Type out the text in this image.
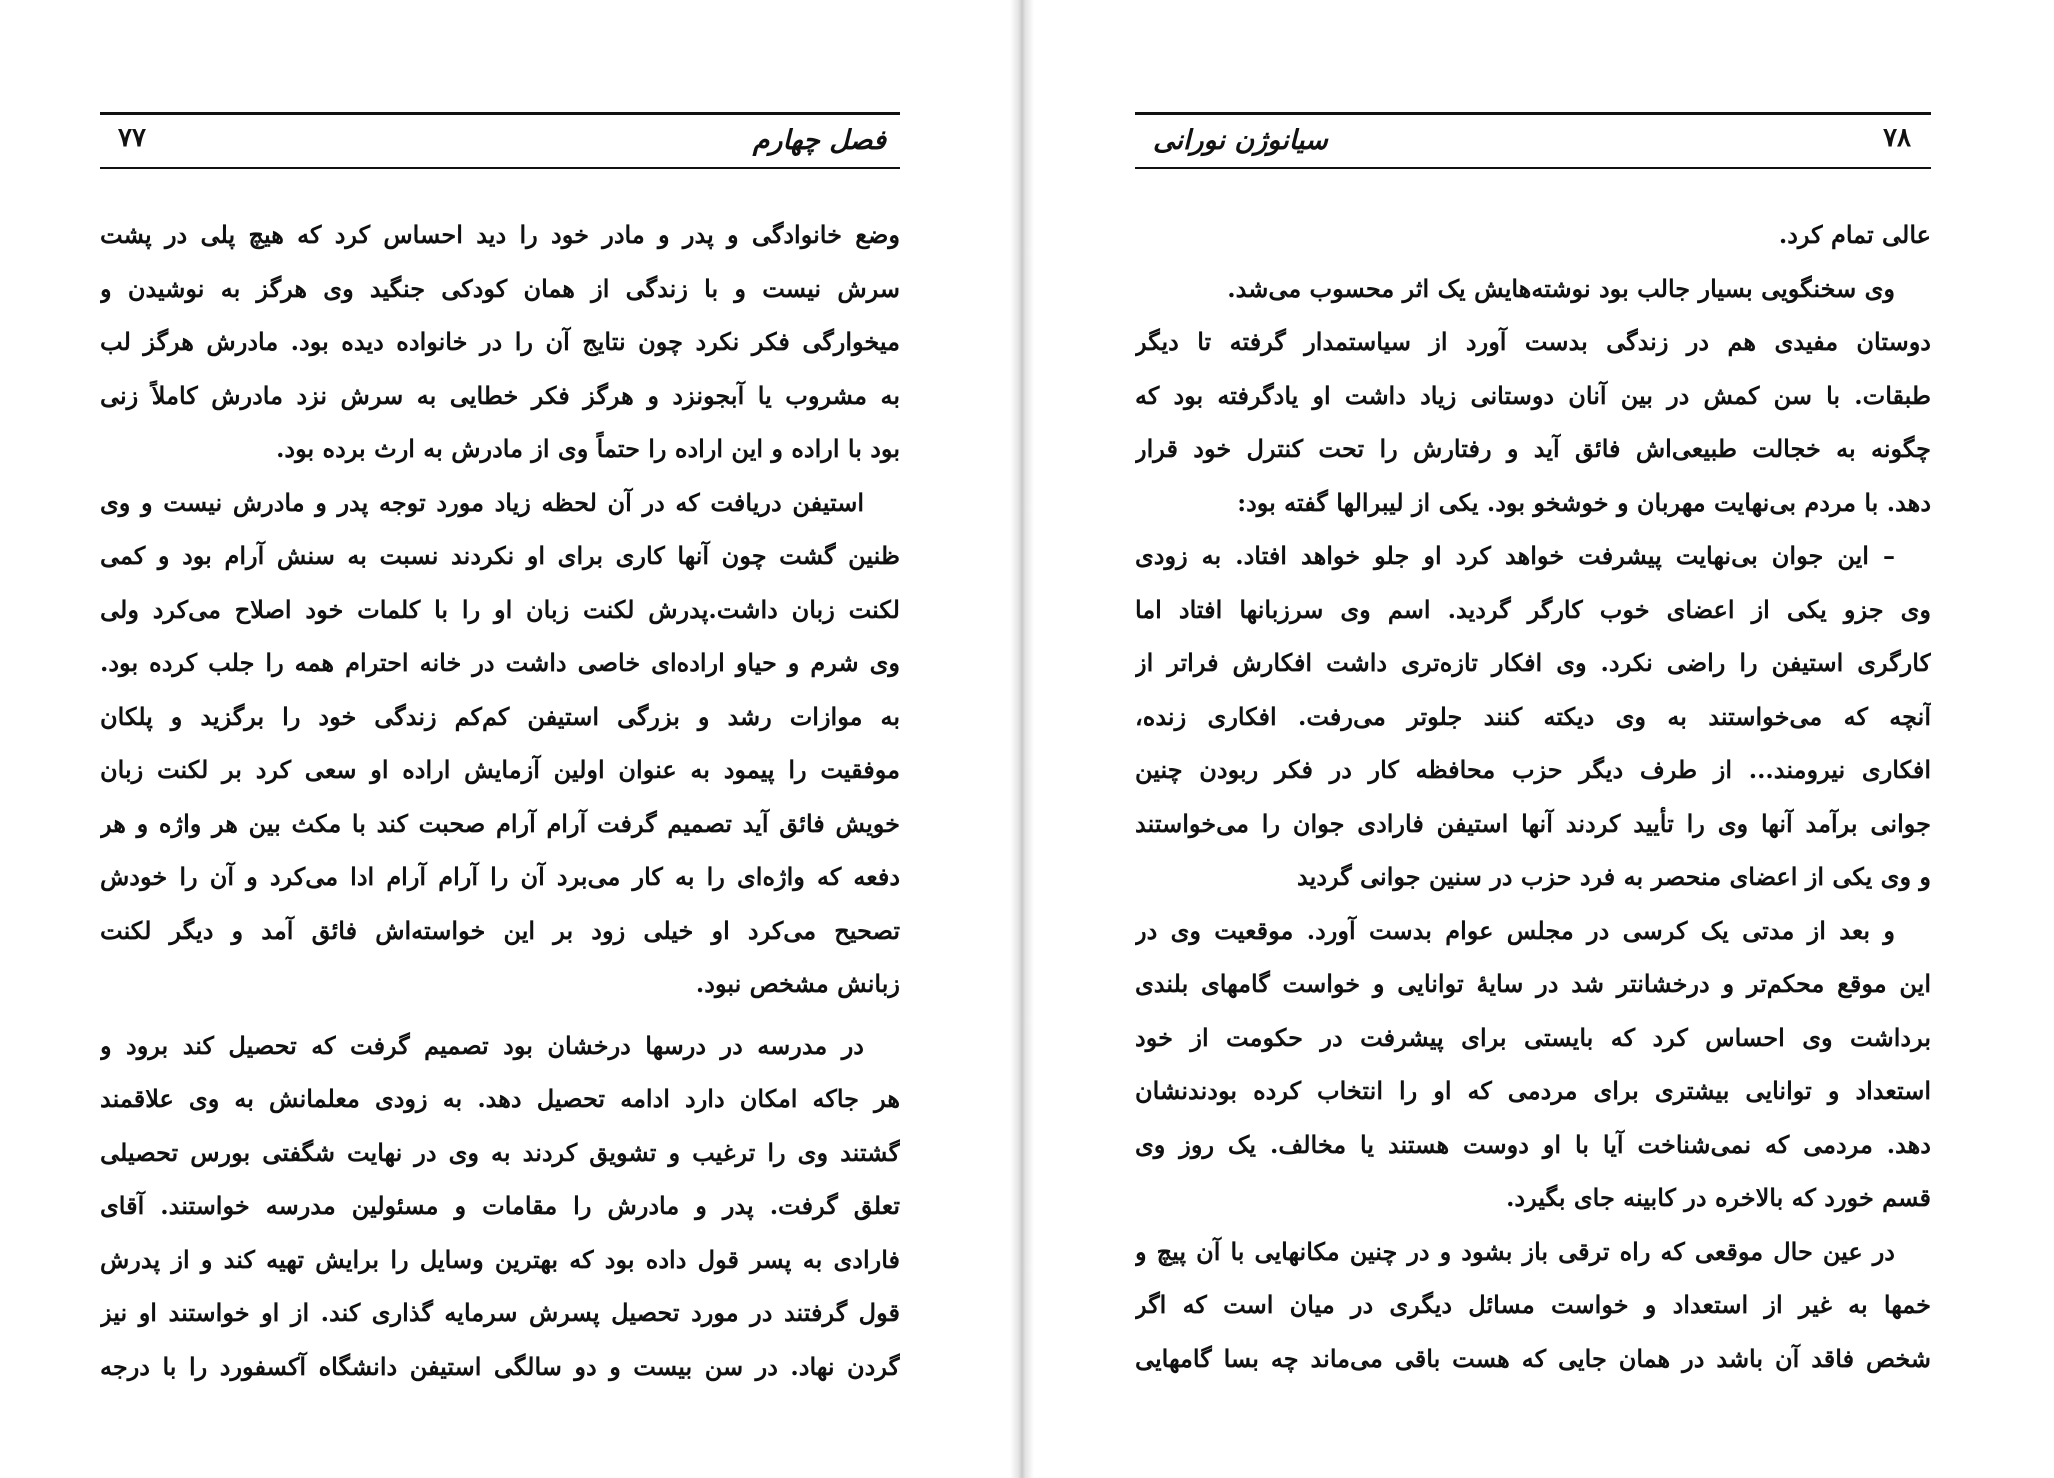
۷۷	فصل چهارم
وضع خانوادگی و پدر و مادر خود را دید احساس کرد که هیچ پلی در پشت
سرش نیست و با زندگی از همان کودکی جنگید وی هرگز به نوشیدن و
میخوارگی فکر نکرد چون نتایج آن را در خانواده دیده بود. مادرش هرگز لب
به مشروب یا آبجونزد و هرگز فکر خطایی به سرش نزد مادرش کاملاً زنی
بود با اراده و این اراده را حتماً وی از مادرش به ارث برده بود.
استیفن دریافت که در آن لحظه زیاد مورد توجه پدر و مادرش نیست و وی
ظنین گشت چون آنها کاری برای او نکردند نسبت به سنش آرام بود و کمی
لکنت زبان داشت.پدرش لکنت زبان او را با کلمات خود اصلاح می‌کرد ولی
وی شرم و حیاو اراده‌ای خاصی داشت در خانه احترام همه را جلب کرده بود.
به موازات رشد و بزرگی استیفن کم‌کم زندگی خود را برگزید و پلکان
موفقیت را پیمود به عنوان اولین آزمایش اراده او سعی کرد بر لکنت زبان
خویش فائق آید تصمیم گرفت آرام آرام صحبت کند با مکث بین هر واژه و هر
دفعه که واژه‌ای را به کار می‌برد آن را آرام آرام ادا می‌کرد و آن را خودش
تصحیح می‌کرد او خیلی زود بر این خواسته‌اش فائق آمد و دیگر لکنت
زبانش مشخص نبود.
در مدرسه در درسها درخشان بود تصمیم گرفت که تحصیل کند برود و
هر جاکه امکان دارد ادامه تحصیل دهد. به زودی معلمانش به وی علاقمند
گشتند وی را ترغیب و تشویق کردند به وی در نهایت شگفتی بورس تحصیلی
تعلق گرفت. پدر و مادرش را مقامات و مسئولین مدرسه خواستند. آقای
فارادی به پسر قول داده بود که بهترین وسایل را برایش تهیه کند و از پدرش
قول گرفتند در مورد تحصیل پسرش سرمایه گذاری کند. از او خواستند او نیز
گردن نهاد. در سن بیست و دو سالگی استیفن دانشگاه آکسفورد را با درجه
سیانوژن نورانی	۷۸
عالی تمام کرد.
وی سخنگویی بسیار جالب بود نوشته‌هایش یک اثر محسوب می‌شد.
دوستان مفیدی هم در زندگی بدست آورد از سیاستمدار گرفته تا دیگر
طبقات. با سن کمش در بین آنان دوستانی زیاد داشت او یادگرفته بود که
چگونه به خجالت طبیعی‌اش فائق آید و رفتارش را تحت کنترل خود قرار
دهد. با مردم بی‌نهایت مهربان و خوشخو بود. یکی از لیبرالها گفته بود:
– این جوان بی‌نهایت پیشرفت خواهد کرد او جلو خواهد افتاد. به زودی
وی جزو یکی از اعضای خوب کارگر گردید. اسم وی سرزبانها افتاد اما
کارگری استیفن را راضی نکرد. وی افکار تازه‌تری داشت افکارش فراتر از
آنچه که می‌خواستند به وی دیکته کنند جلوتر می‌رفت. افکاری زنده،
افکاری نیرومند... از طرف دیگر حزب محافظه کار در فکر ربودن چنین
جوانی برآمد آنها وی را تأیید کردند آنها استیفن فارادی جوان را می‌خواستند
و وی یکی از اعضای منحصر به فرد حزب در سنین جوانی گردید
و بعد از مدتی یک کرسی در مجلس عوام بدست آورد. موقعیت وی در
این موقع محکم‌تر و درخشانتر شد در سایهٔ توانایی و خواست گامهای بلندی
برداشت وی احساس کرد که بایستی برای پیشرفت در حکومت از خود
استعداد و توانایی بیشتری برای مردمی که او را انتخاب کرده بودندنشان
دهد. مردمی که نمی‌شناخت آیا با او دوست هستند یا مخالف. یک روز وی
قسم خورد که بالاخره در کابینه جای بگیرد.
در عین حال موقعی که راه ترقی باز بشود و در چنین مکانهایی با آن پیچ و
خمها به غیر از استعداد و خواست مسائل دیگری در میان است که اگر
شخص فاقد آن باشد در همان جایی که هست باقی می‌ماند چه بسا گامهایی
